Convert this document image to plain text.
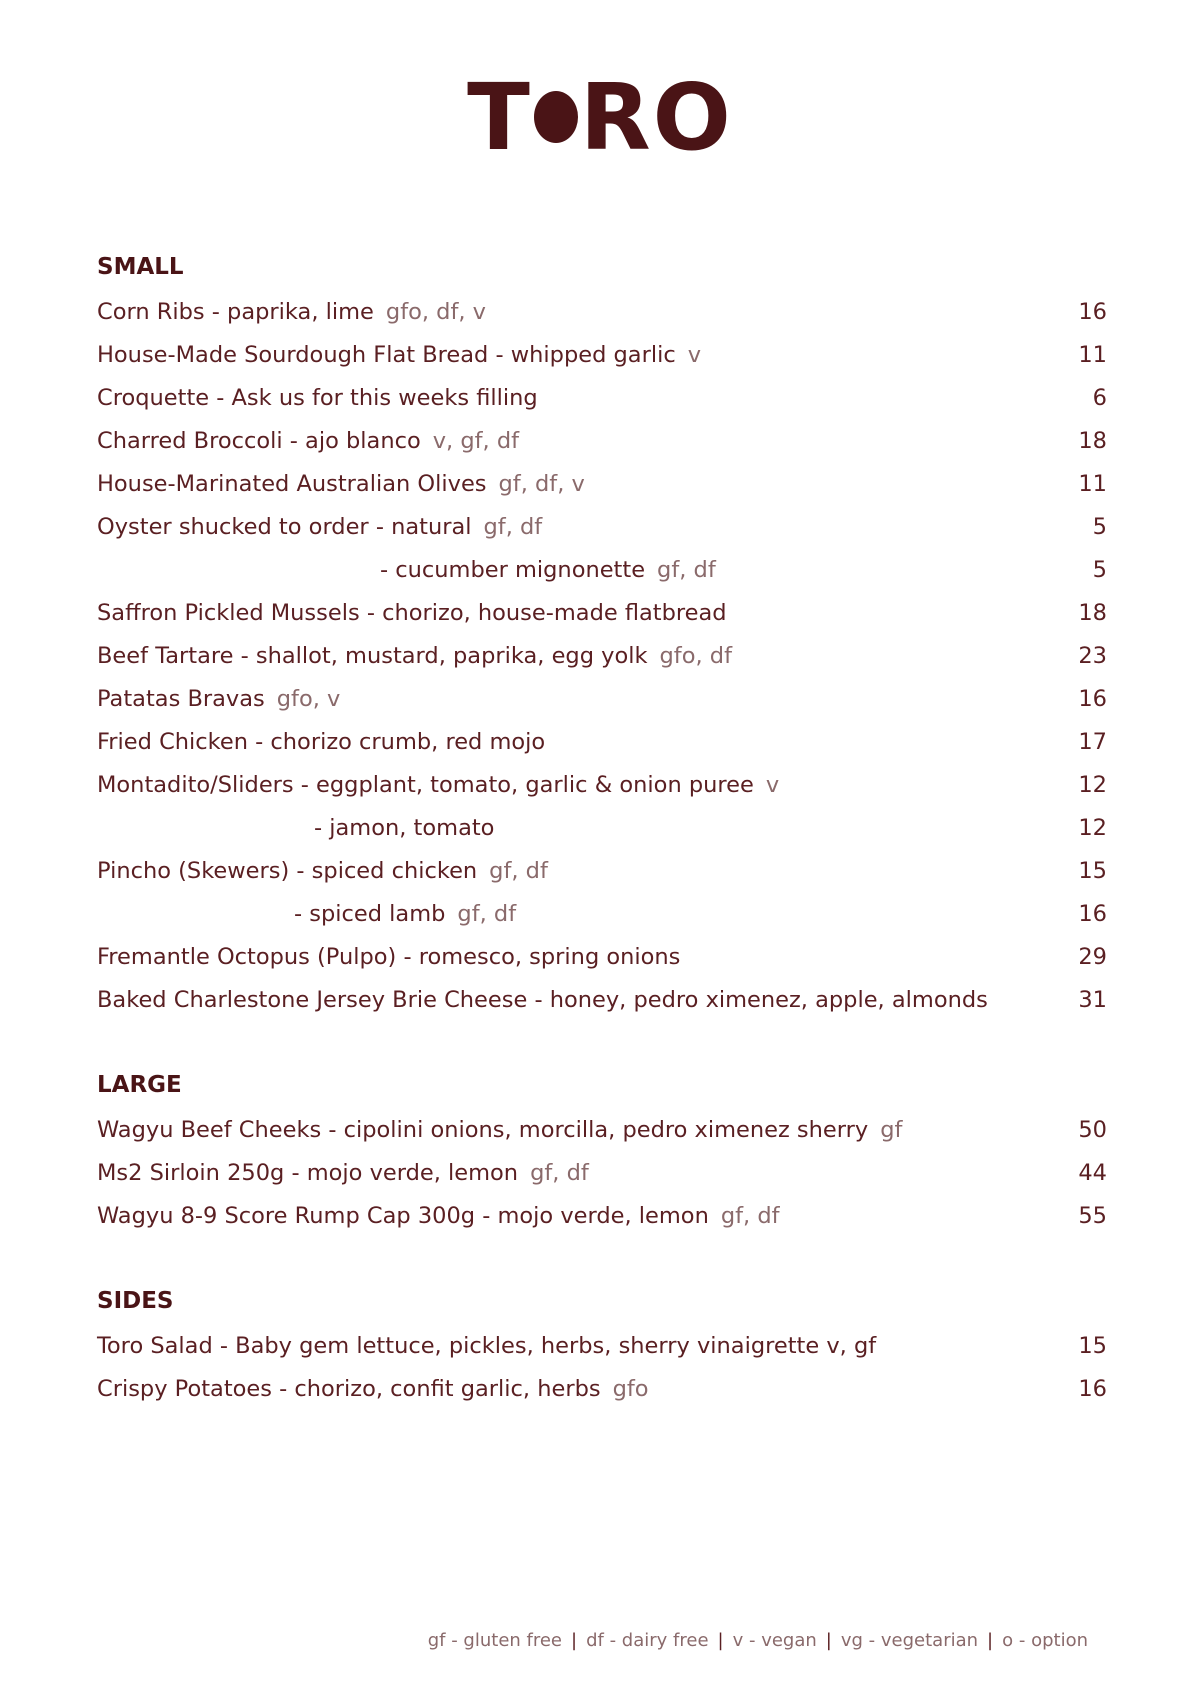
T RO
SMALL
Corn Ribs - paprika, lime gfo, df, v	16
House-Made Sourdough Flat Bread - whipped garlic v	11
Croquette - Ask us for this weeks filling	6
Charred Broccoli - ajo blanco v, gf, df	18
House-Marinated Australian Olives gf, df, v	11
Oyster shucked to order - natural gf, df	5
- cucumber mignonette gf, df	5
Saffron Pickled Mussels - chorizo, house-made flatbread	18
Beef Tartare - shallot, mustard, paprika, egg yolk gfo, df	23
Patatas Bravas gfo, v	16
Fried Chicken - chorizo crumb, red mojo	17
Montadito/Sliders - eggplant, tomato, garlic & onion puree v	12
- jamon, tomato	12
Pincho (Skewers) - spiced chicken gf, df	15
- spiced lamb gf, df	16
Fremantle Octopus (Pulpo) - romesco, spring onions	29
Baked Charlestone Jersey Brie Cheese - honey, pedro ximenez, apple, almonds	31
LARGE
Wagyu Beef Cheeks - cipolini onions, morcilla, pedro ximenez sherry gf	50
Ms2 Sirloin 250g - mojo verde, lemon gf, df	44
Wagyu 8-9 Score Rump Cap 300g - mojo verde, lemon gf, df	55
SIDES
Toro Salad - Baby gem lettuce, pickles, herbs, sherry vinaigrette v, gf	15
Crispy Potatoes - chorizo, confit garlic, herbs gfo	16
gf - gluten free | df - dairy free | v - vegan | vg - vegetarian | o - option
